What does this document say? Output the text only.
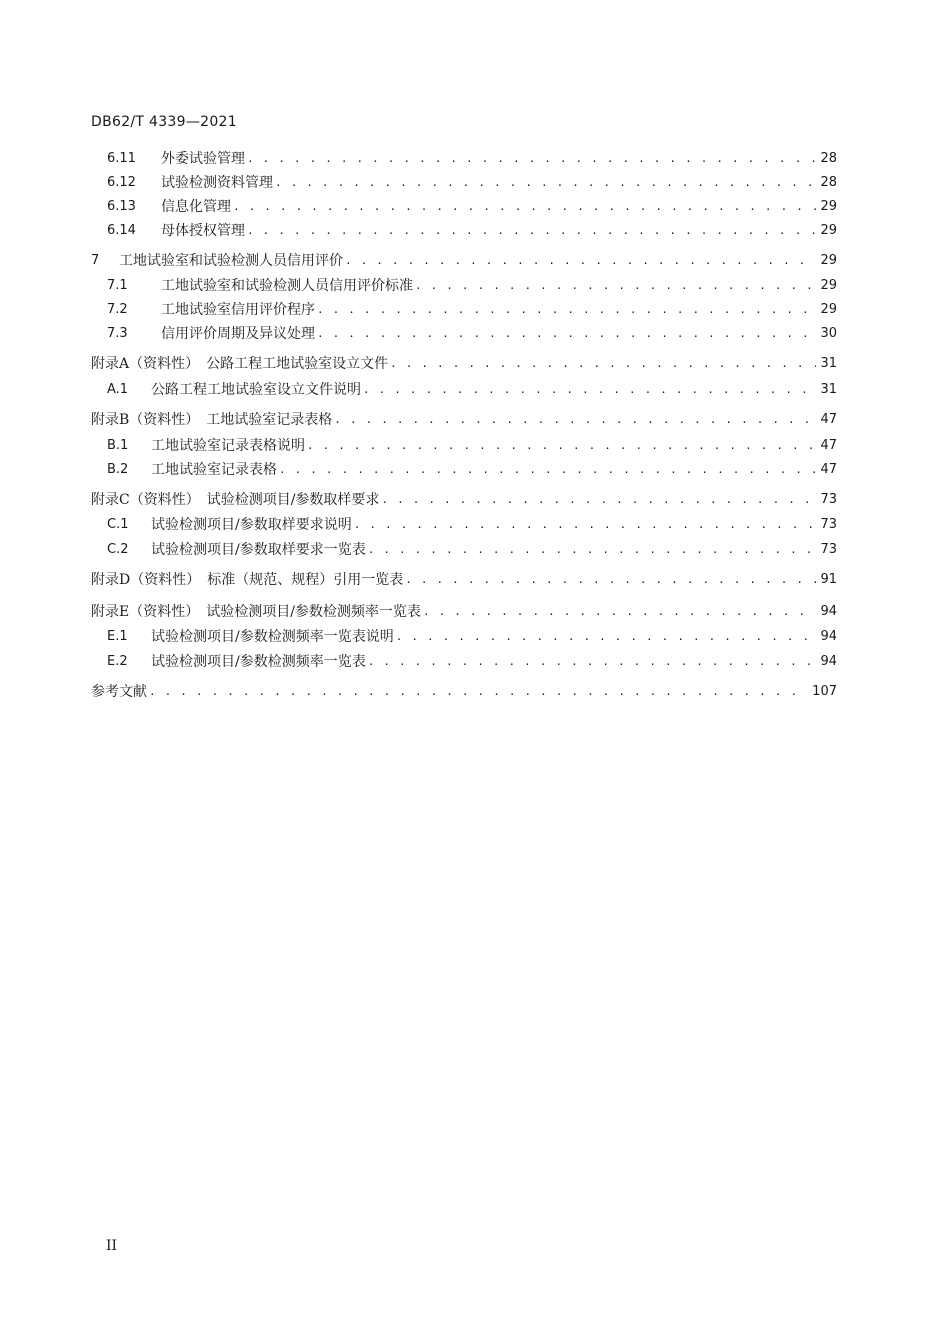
DB62/T 4339—2021
6.11	外委试验管理 . . .	28
6.12	试验检测资料管理 . . .	28
6.13	信息化管理 . . .	29
6.14	母体授权管理 . . .	29
7	工地试验室和试验检测人员信用评价 . . .	29
7.1	工地试验室和试验检测人员信用评价标准 . . .	29
7.2	工地试验室信用评价程序 . . .	29
7.3	信用评价周期及异议处理 . . .	30
附录A（资料性）　公路工程工地试验室设立文件 . . .	31
A.1	公路工程工地试验室设立文件说明 . . .	31
附录B（资料性）　工地试验室记录表格 . . .	47
B.1	工地试验室记录表格说明 . . .	47
B.2	工地试验室记录表格 . . .	47
附录C（资料性）　试验检测项目/参数取样要求 . . .	73
C.1	试验检测项目/参数取样要求说明 . . .	73
C.2	试验检测项目/参数取样要求一览表 . . .	73
附录D（资料性）　标准（规范、规程）引用一览表 . . .	91
附录E（资料性）　试验检测项目/参数检测频率一览表 . . .	94
E.1	试验检测项目/参数检测频率一览表说明 . . .	94
E.2	试验检测项目/参数检测频率一览表 . . .	94
参考文献 . . .	107
II
